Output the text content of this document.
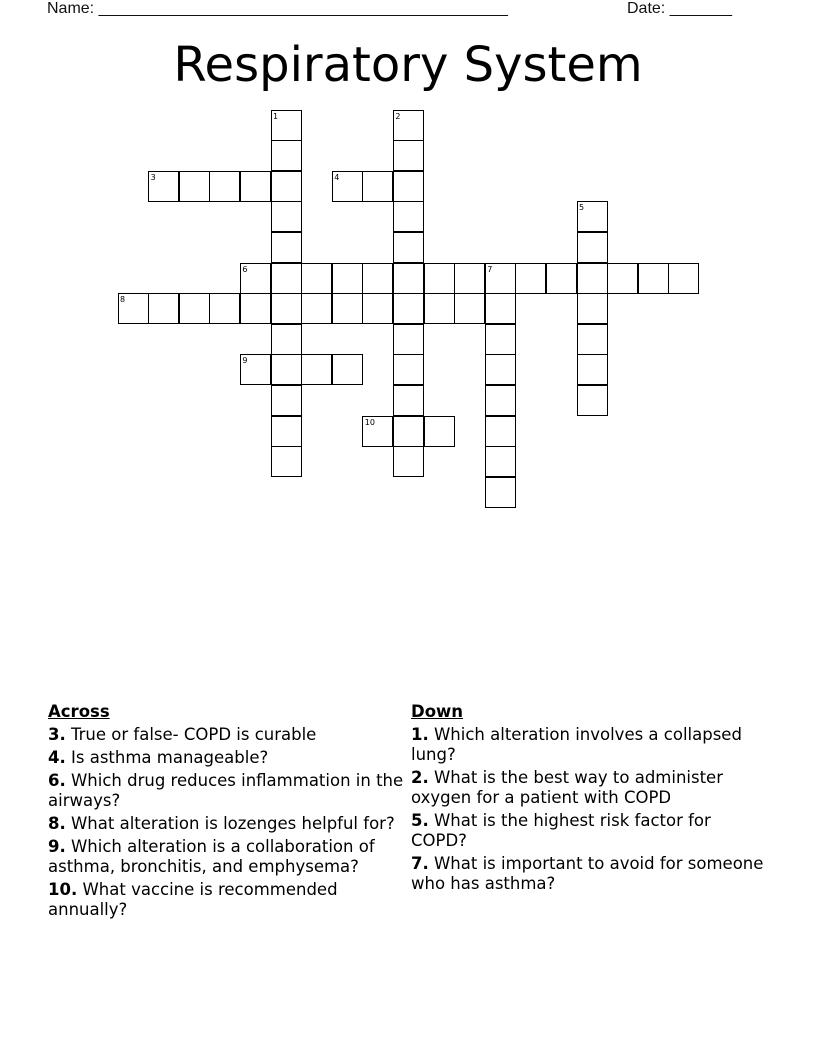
Name: ______________________________________________	Date: _______
Respiratory System
1	2
3	4
5
6	7
8
9
10
Across
3. True or false- COPD is curable
4. Is asthma manageable?
6. Which drug reduces inflammation in the airways?
8. What alteration is lozenges helpful for?
9. Which alteration is a collaboration of asthma, bronchitis, and emphysema?
10. What vaccine is recommended annually?
Down
1. Which alteration involves a collapsed lung?
2. What is the best way to administer oxygen for a patient with COPD
5. What is the highest risk factor for COPD?
7. What is important to avoid for someone who has asthma?
